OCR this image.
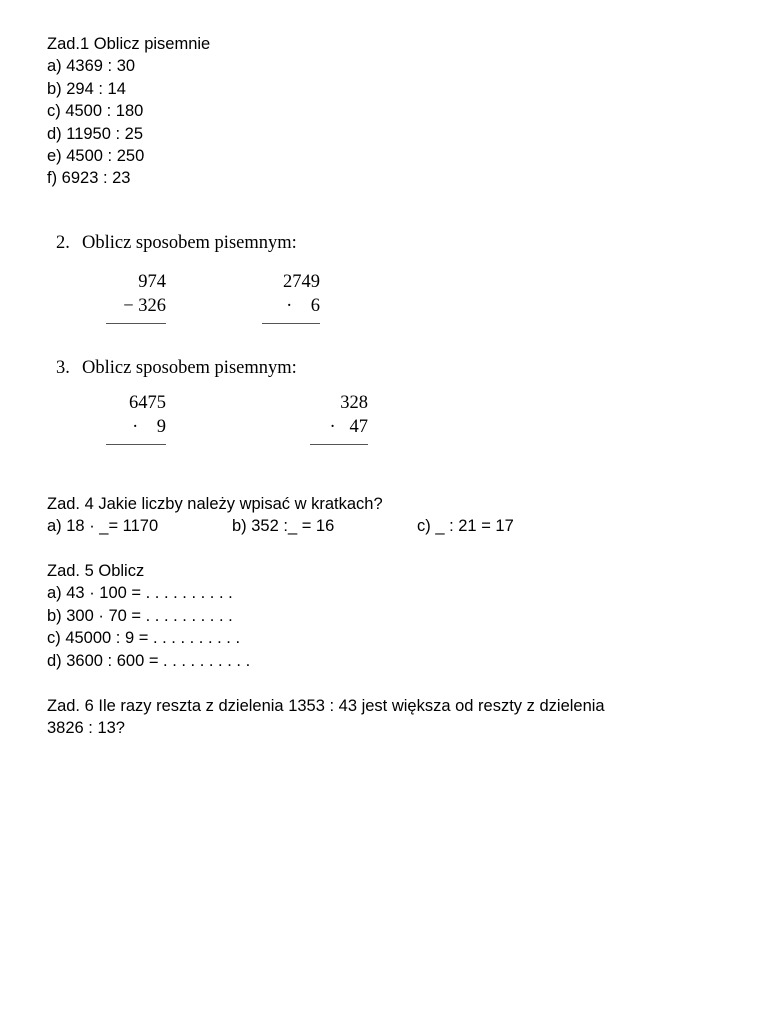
Zad.1 Oblicz pisemnie
a) 4369 : 30
b) 294 : 14
c) 4500 : 180
d) 11950 : 25
e) 4500 : 250
f) 6923 : 23
2. Oblicz sposobem pisemnym:
974
− 326
2749
·    6
3. Oblicz sposobem pisemnym:
6475
·    9
328
·   47
Zad. 4 Jakie liczby należy wpisać w kratkach?
a) 18 · _= 1170	b) 352 :_ = 16	c) _ : 21 = 17
Zad. 5 Oblicz
a) 43 · 100 = . . . . . . . . . .
b) 300 · 70 = . . . . . . . . . .
c) 45000 : 9 = . . . . . . . . . .
d) 3600 : 600 = . . . . . . . . . .
Zad. 6 Ile razy reszta z dzielenia 1353 : 43 jest większa od reszty z dzielenia
3826 : 13?
